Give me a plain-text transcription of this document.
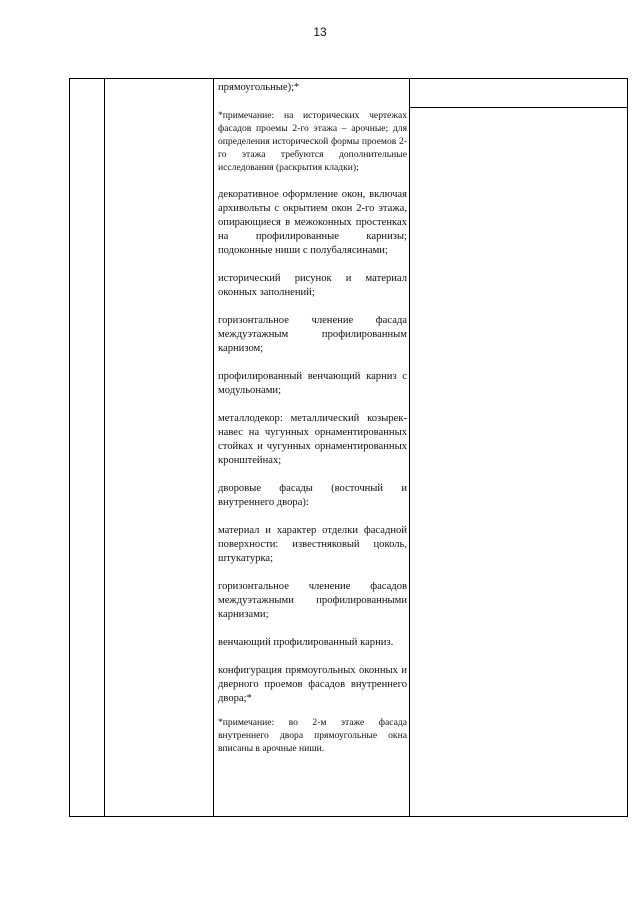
13

прямоугольные);*

*примечание: на исторических чертежах фасадов проемы 2-го этажа – арочные; для определения исторической формы проемов 2-го этажа требуются дополнительные исследования (раскрытия кладки);

декоративное оформление окон, включая архивольты с окрытием окон 2-го этажа, опирающиеся в межоконных простенках на профилированные карнизы; подоконные ниши с полубалясинами;

исторический рисунок и материал оконных заполнений;

горизонтальное членение фасада междуэтажным профилированным карнизом;

профилированный венчающий карниз с модульонами;

металлодекор: металлический козырек-навес на чугунных орнаментированных стойках и чугунных орнаментированных кронштейнах;

дворовые фасады (восточный и внутреннего двора):

материал и характер отделки фасадной поверхности: известняковый цоколь, штукатурка;

горизонтальное членение фасадов междуэтажными профилированными карнизами;

венчающий профилированный карниз.

конфигурация прямоугольных оконных и дверного проемов фасадов внутреннего двора;*

*примечание: во 2-м этаже фасада внутреннего двора прямоугольные окна вписаны в арочные ниши.
